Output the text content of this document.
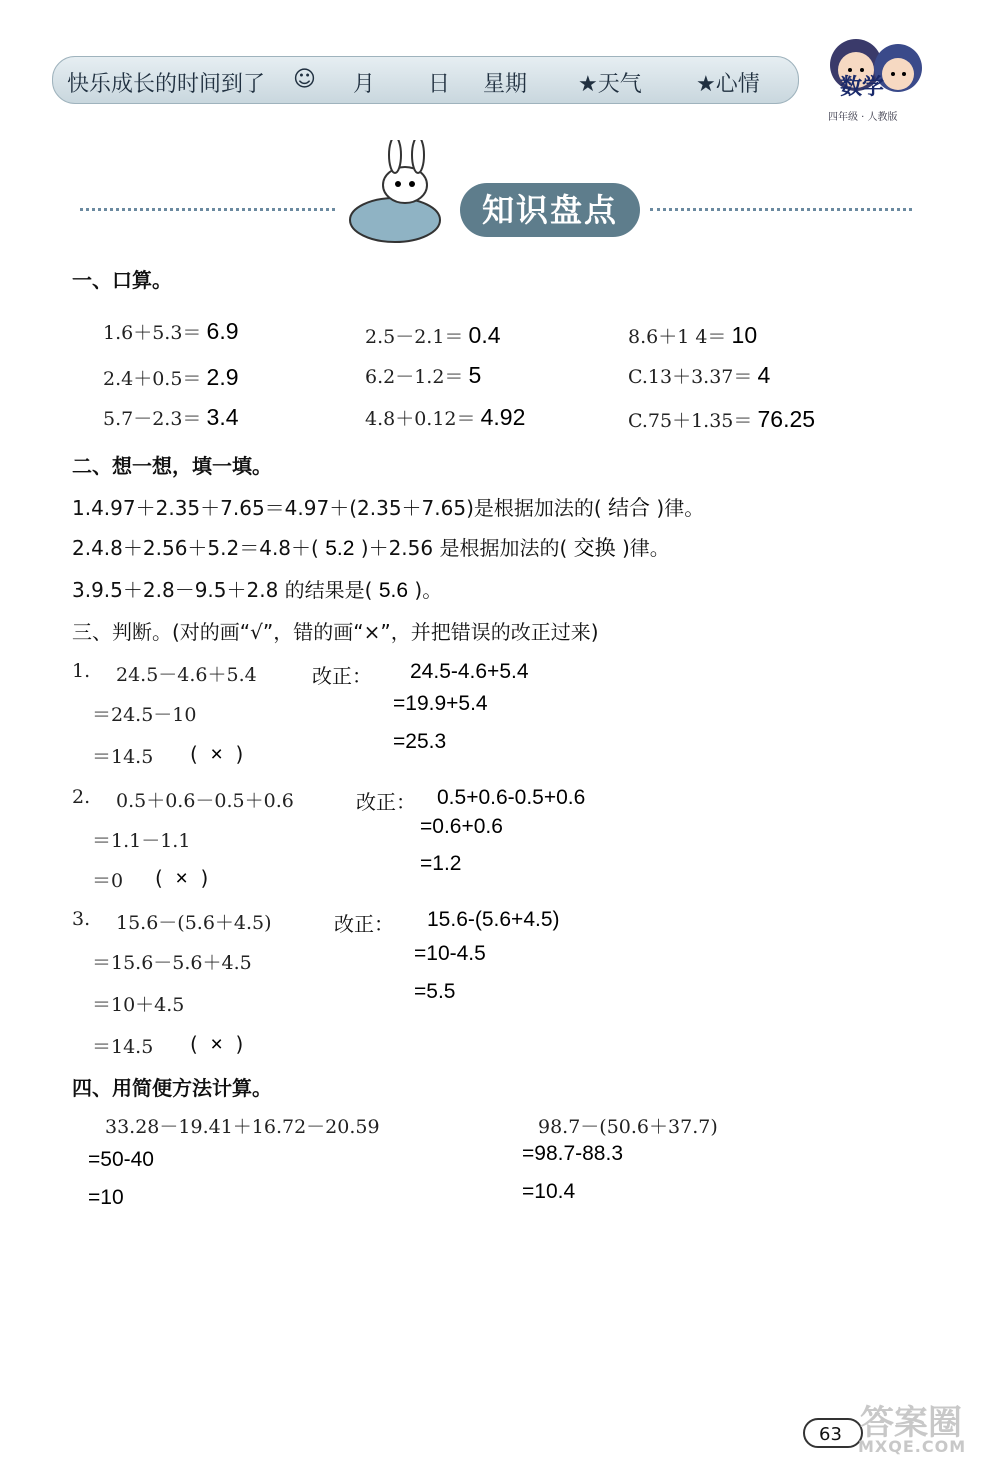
快乐成长的时间到了 ☺ 月 日 星期 ★天气 ★心情	数学
四年级 · 人教版
知识盘点
一、口算。
1.6＋5.3＝ 6.9	2.5－2.1＝ 0.4	8.6＋1 4＝ 10
2.4＋0.5＝ 2.9	6.2－1.2＝ 5	C.13＋3.37＝ 4
5.7－2.3＝ 3.4	4.8＋0.12＝ 4.92	C.75＋1.35＝ 76.25
二、想一想，填一填。
1.4.97＋2.35＋7.65＝4.97＋(2.35＋7.65)是根据加法的( 结合 )律。
2.4.8＋2.56＋5.2＝4.8＋( 5.2 )＋2.56 是根据加法的( 交换 )律。
3.9.5＋2.8－9.5＋2.8 的结果是( 5.6 )。
三、判断。(对的画“√”，错的画“×”，并把错误的改正过来)
1. 24.5－4.6＋5.4	改正： 24.5-4.6+5.4
＝24.5－10	=19.9+5.4
＝14.5 (  ×  )
=25.3
2. 0.5＋0.6－0.5＋0.6	改正： 0.5+0.6-0.5+0.6
＝1.1－1.1
=0.6+0.6
＝0 (  ×  )
=1.2
3. 15.6－(5.6＋4.5)	改正： 15.6-(5.6+4.5)
＝15.6－5.6＋4.5	=10-4.5
＝10＋4.5
=5.5
＝14.5 (  ×  )
四、用简便方法计算。
33.28－19.41＋16.72－20.59
=50-40
=10
98.7－(50.6＋37.7)
=98.7-88.3
=10.4
63 答案圈
MXQE.COM
